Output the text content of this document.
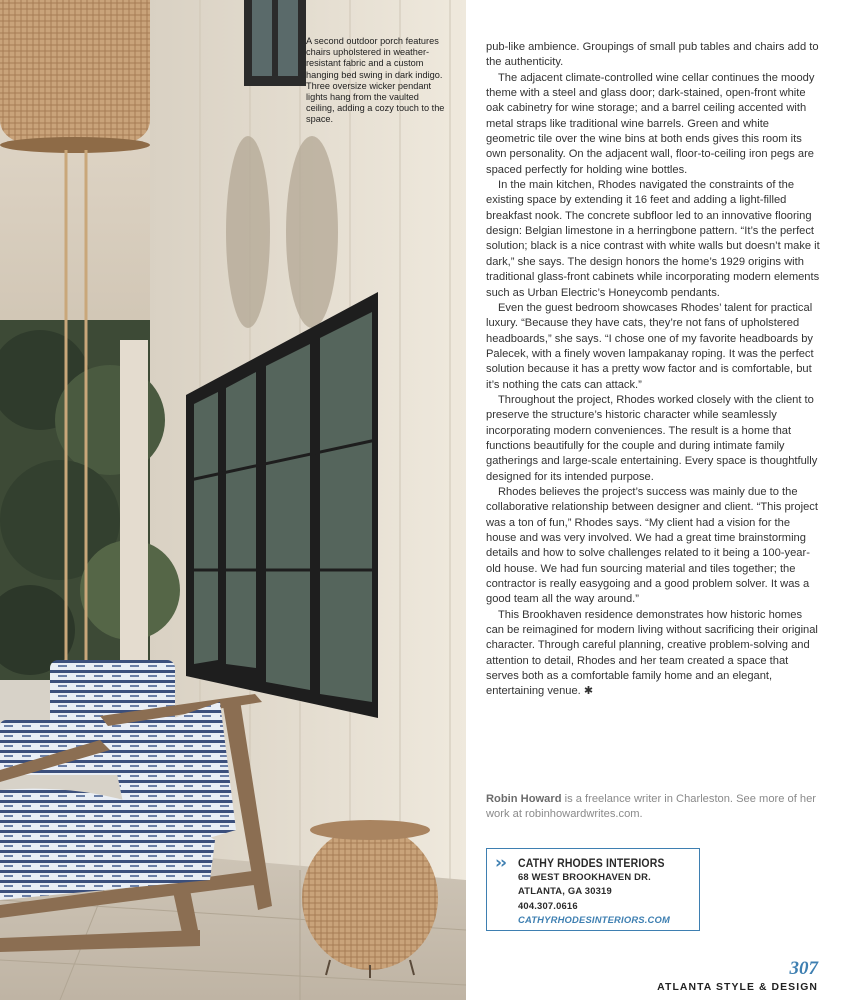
A second outdoor porch features chairs upholstered in weather-resistant fabric and a custom hanging bed swing in dark indigo. Three oversize wicker pendant lights hang from the vaulted ceiling, adding a cozy touch to the space.

pub-like ambience. Groupings of small pub tables and chairs add to the authenticity.

The adjacent climate-controlled wine cellar continues the moody theme with a steel and glass door; dark-stained, open-front white oak cabinetry for wine storage; and a barrel ceiling accented with metal straps like traditional wine barrels. Green and white geometric tile over the wine bins at both ends gives this room its own personality. On the adjacent wall, floor-to-ceiling iron pegs are spaced perfectly for holding wine bottles.

In the main kitchen, Rhodes navigated the constraints of the existing space by extending it 16 feet and adding a light-filled breakfast nook. The concrete subfloor led to an innovative flooring design: Belgian limestone in a herringbone pattern. “It’s the perfect solution; black is a nice contrast with white walls but doesn’t make it dark,” she says. The design honors the home’s 1929 origins with traditional glass-front cabinets while incorporating modern elements such as Urban Electric’s Honeycomb pendants.

Even the guest bedroom showcases Rhodes’ talent for practical luxury. “Because they have cats, they’re not fans of upholstered headboards,” she says. “I chose one of my favorite headboards by Palecek, with a finely woven lampakanay roping. It was the perfect solution because it has a pretty wow factor and is comfortable, but it’s nothing the cats can attack.”

Throughout the project, Rhodes worked closely with the client to preserve the structure’s historic character while seamlessly incorporating modern conveniences. The result is a home that functions beautifully for the couple and during intimate family gatherings and large-scale entertaining. Every space is thoughtfully designed for its intended purpose.

Rhodes believes the project’s success was mainly due to the collaborative relationship between designer and client. “This project was a ton of fun,” Rhodes says. “My client had a vision for the house and was very involved. We had a great time brainstorming details and how to solve challenges related to it being a 100-year-old house. We had fun sourcing material and tiles together; the contractor is really easygoing and a good problem solver. It was a good team all the way around.”

This Brookhaven residence demonstrates how historic homes can be reimagined for modern living without sacrificing their original character. Through careful planning, creative problem-solving and attention to detail, Rhodes and her team created a space that serves both as a comfortable family home and an elegant, entertaining venue. ✱

Robin Howard is a freelance writer in Charleston. See more of her work at robinhowardwrites.com.
›› CATHY RHODES INTERIORS
68 WEST BROOKHAVEN DR.
ATLANTA, GA 30319
404.307.0616
CATHYRHODESINTERIORS.COM
307
ATLANTA STYLE & DESIGN
